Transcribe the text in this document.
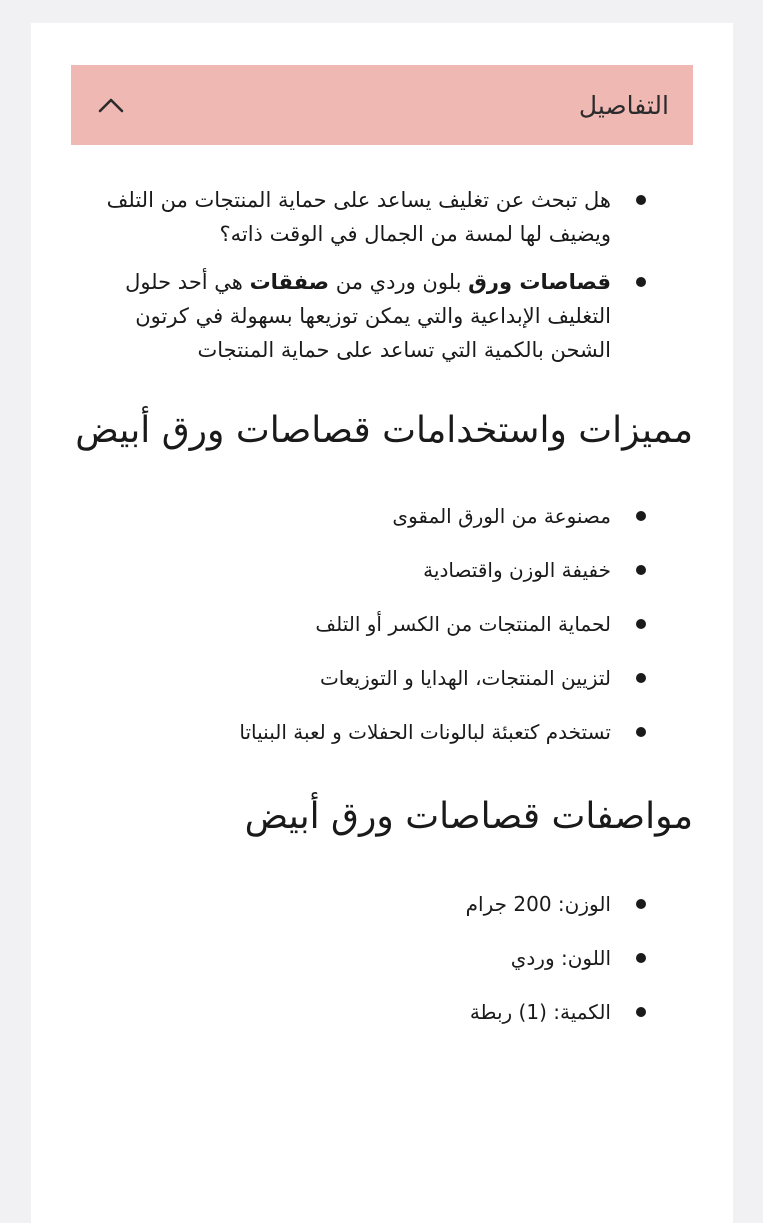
التفاصيل
هل تبحث عن تغليف يساعد على حماية المنتجات من التلف ويضيف لها لمسة من الجمال في الوقت ذاته؟
قصاصات ورق بلون وردي من صفقات هي أحد حلول التغليف الإبداعية والتي يمكن توزيعها بسهولة في كرتون الشحن بالكمية التي تساعد على حماية المنتجات
مميزات واستخدامات قصاصات ورق أبيض
مصنوعة من الورق المقوى
خفيفة الوزن واقتصادية
لحماية المنتجات من الكسر أو التلف
لتزيين المنتجات، الهدايا و التوزيعات
تستخدم كتعبئة لبالونات الحفلات و لعبة البنياتا
مواصفات قصاصات ورق أبيض
الوزن: 200 جرام
اللون: وردي
الكمية: (1) ربطة
